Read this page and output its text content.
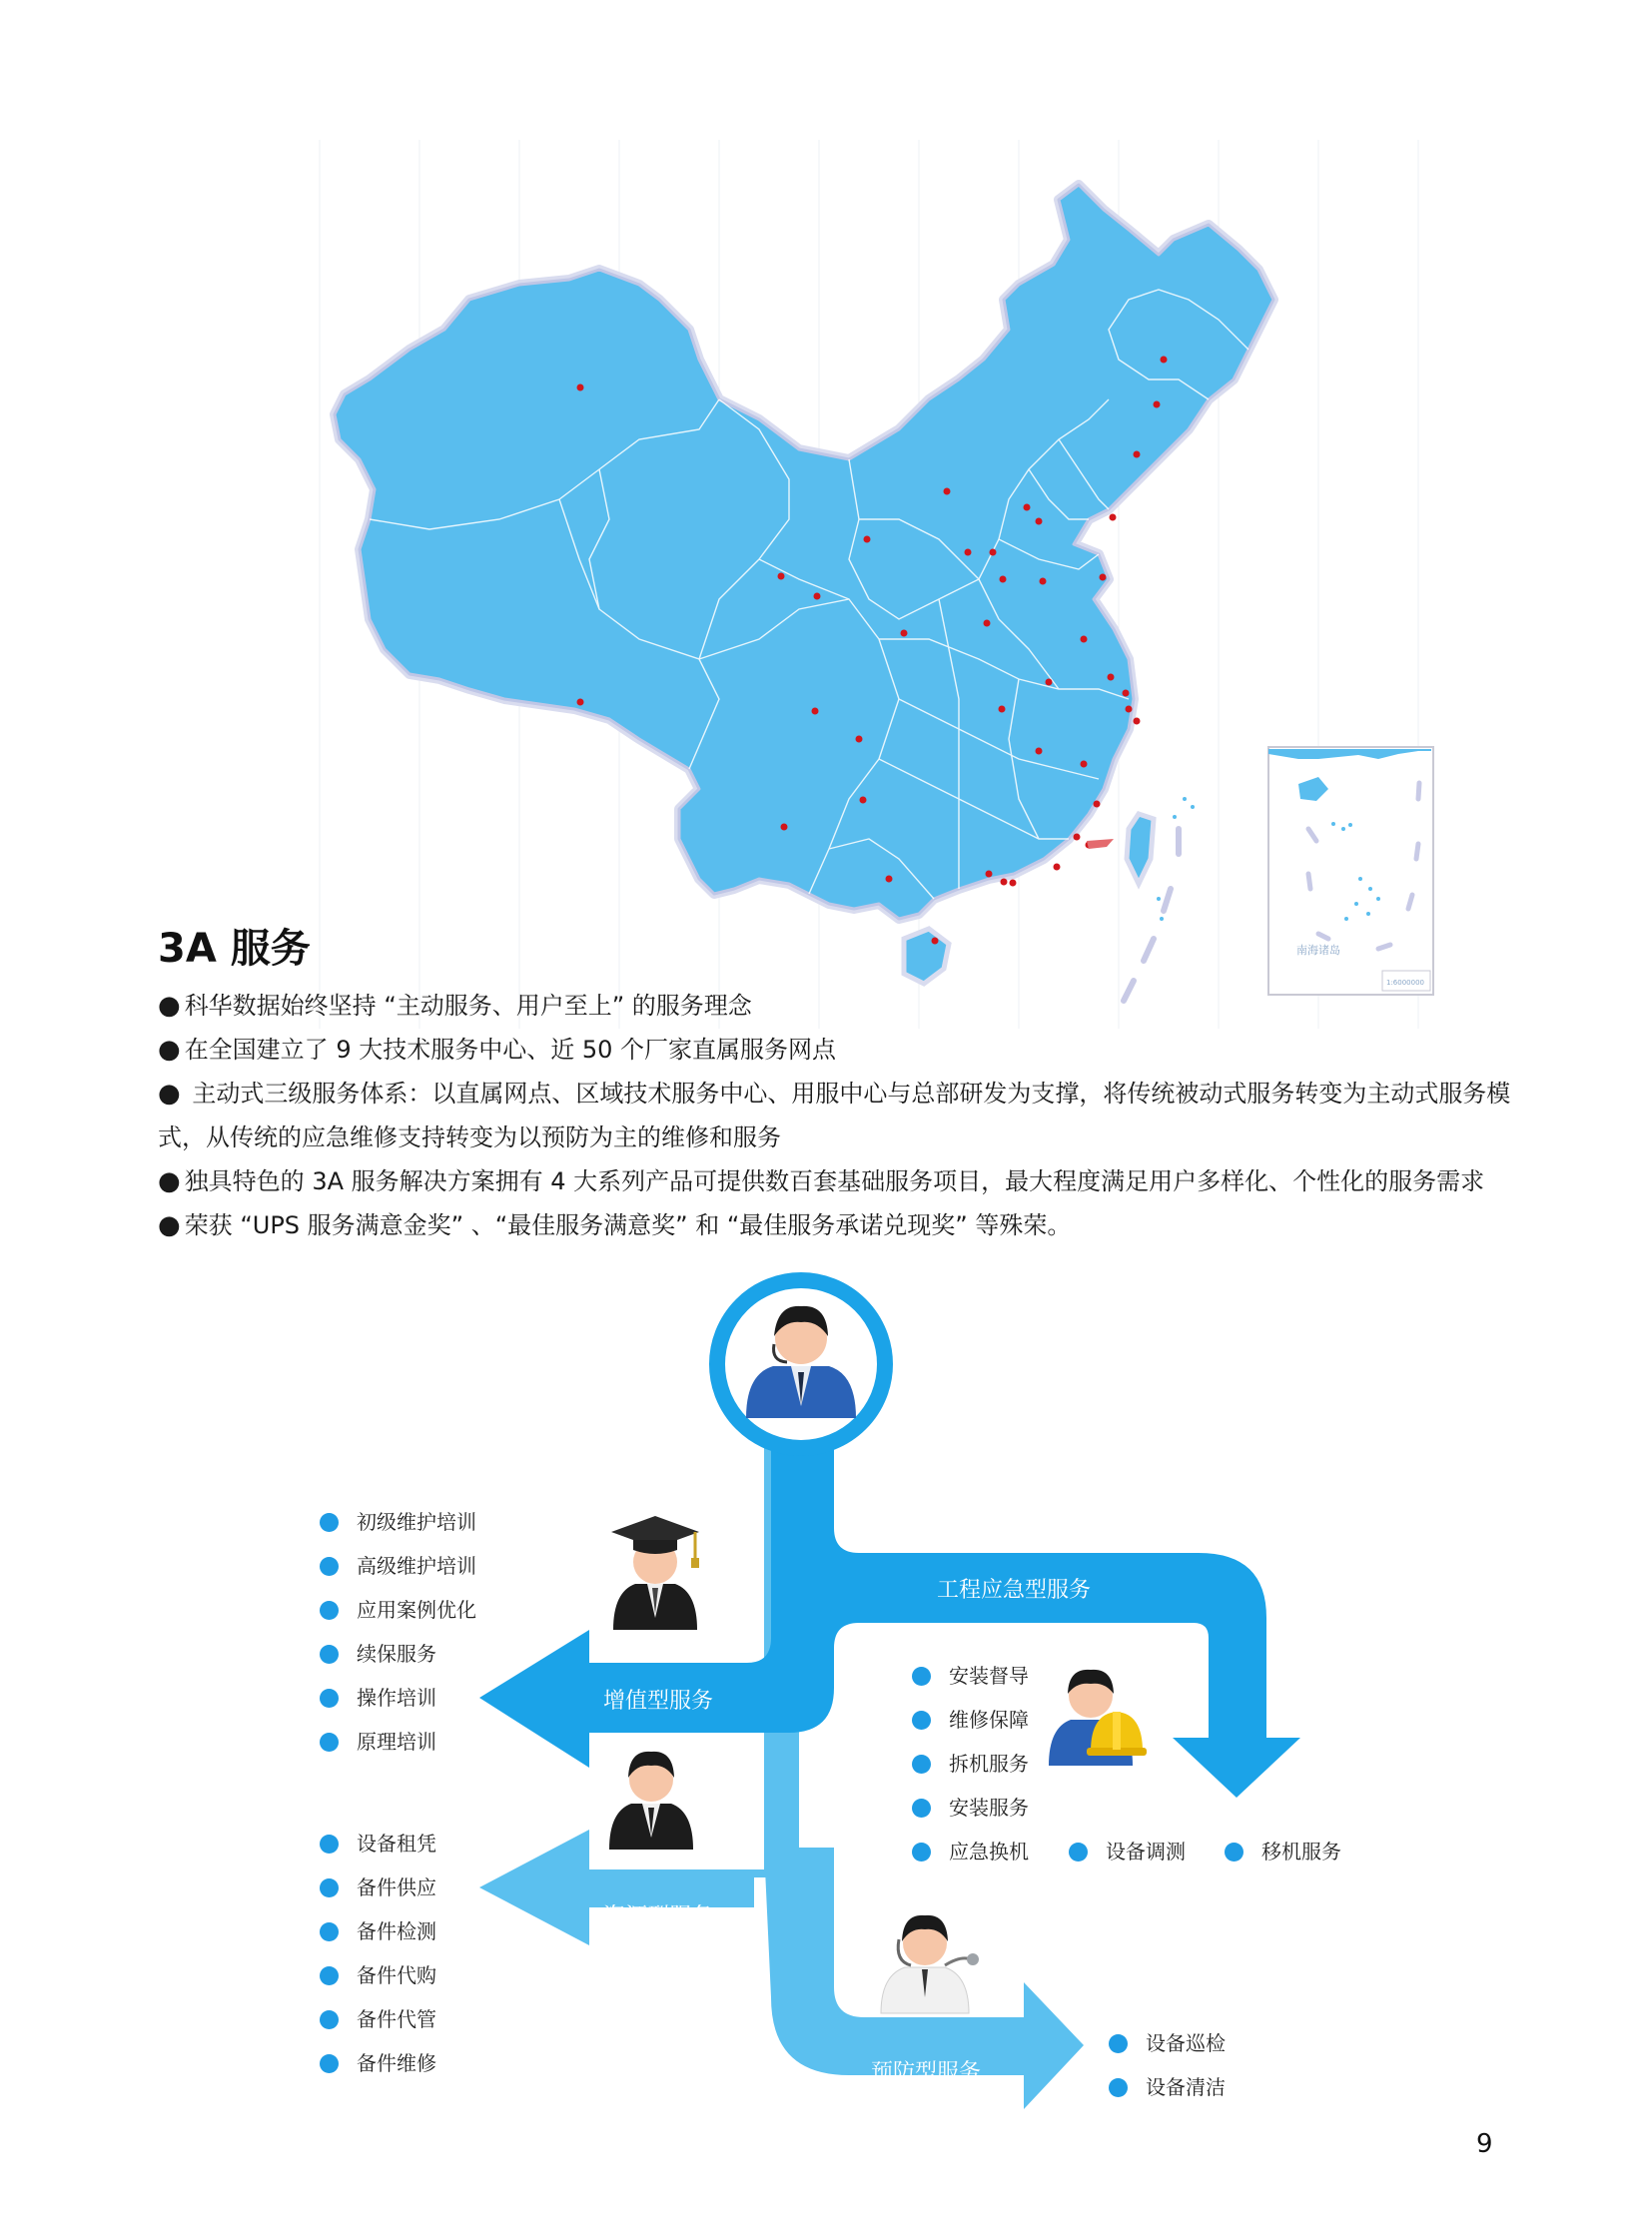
南海诸岛
1:6000000
3A 服务
● 科华数据始终坚持 “主动服务、用户至上” 的服务理念
● 在全国建立了 9 大技术服务中心、近 50 个厂家直属服务网点
● 主动式三级服务体系：以直属网点、区域技术服务中心、用服中心与总部研发为支撑，将传统被动式服务转变为主动式服务模式，从传统的应急维修支持转变为以预防为主的维修和服务
● 独具特色的 3A 服务解决方案拥有 4 大系列产品可提供数百套基础服务项目，最大程度满足用户多样化、个性化的服务需求
● 荣获 “UPS 服务满意金奖” 、“最佳服务满意奖” 和 “最佳服务承诺兑现奖” 等殊荣。
工程应急型服务
增值型服务
资源型服务
预防型服务
初级维护培训
高级维护培训
应用案例优化
续保服务
操作培训
原理培训
设备租凭
备件供应
备件检测
备件代购
备件代管
备件维修
安装督导
维修保障
拆机服务
安装服务
应急换机	设备调测	移机服务
设备巡检
设备清洁
9
